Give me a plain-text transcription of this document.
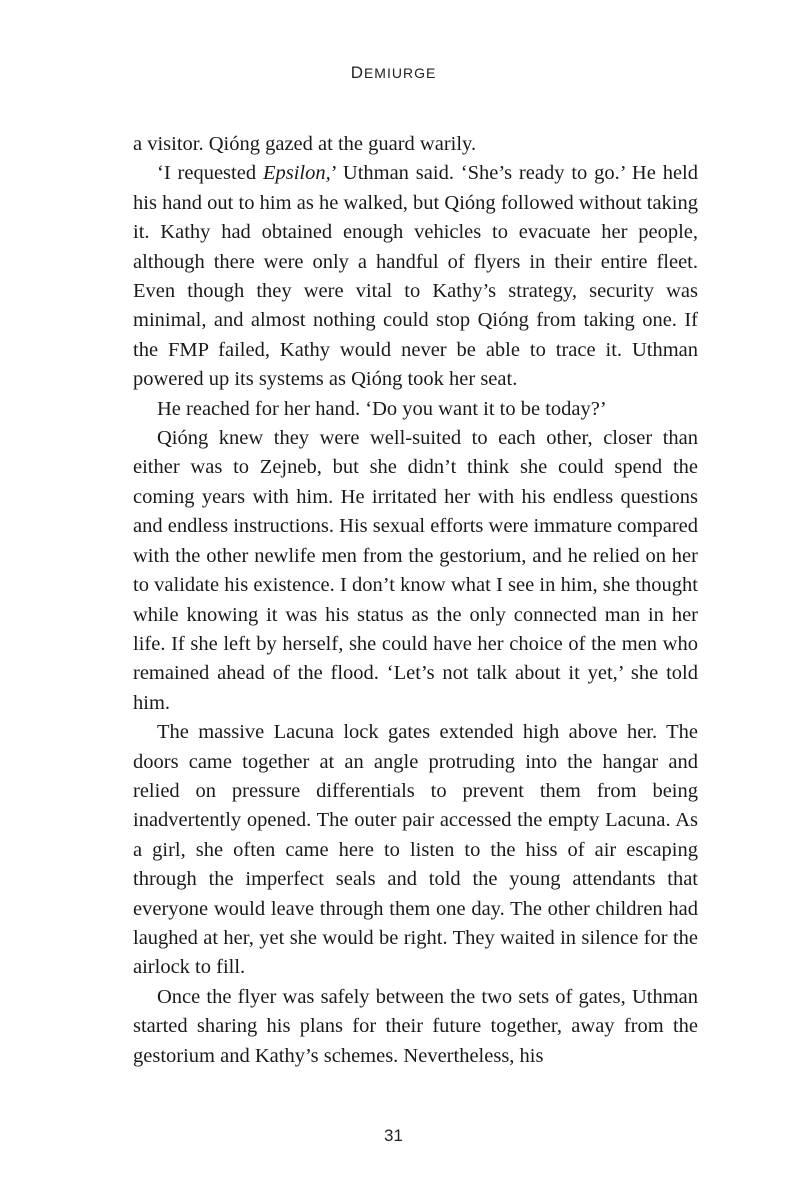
DEMIURGE

a visitor. Qióng gazed at the guard warily.

‘I requested Epsilon,’ Uthman said. ‘She’s ready to go.’ He held his hand out to him as he walked, but Qióng followed without taking it. Kathy had obtained enough vehicles to evacuate her people, although there were only a handful of flyers in their entire fleet. Even though they were vital to Kathy’s strategy, security was minimal, and almost nothing could stop Qióng from taking one. If the FMP failed, Kathy would never be able to trace it. Uthman powered up its systems as Qióng took her seat.

He reached for her hand. ‘Do you want it to be today?’

Qióng knew they were well-suited to each other, closer than either was to Zejneb, but she didn’t think she could spend the coming years with him. He irritated her with his endless questions and endless instructions. His sexual efforts were immature compared with the other newlife men from the gestorium, and he relied on her to validate his existence. I don’t know what I see in him, she thought while knowing it was his status as the only connected man in her life. If she left by herself, she could have her choice of the men who remained ahead of the flood. ‘Let’s not talk about it yet,’ she told him.

The massive Lacuna lock gates extended high above her. The doors came together at an angle protruding into the hangar and relied on pressure differentials to prevent them from being inadvertently opened. The outer pair accessed the empty Lacuna. As a girl, she often came here to listen to the hiss of air escaping through the imperfect seals and told the young attendants that everyone would leave through them one day. The other children had laughed at her, yet she would be right. They waited in silence for the airlock to fill.

Once the flyer was safely between the two sets of gates, Uthman started sharing his plans for their future together, away from the gestorium and Kathy’s schemes. Nevertheless, his

31
